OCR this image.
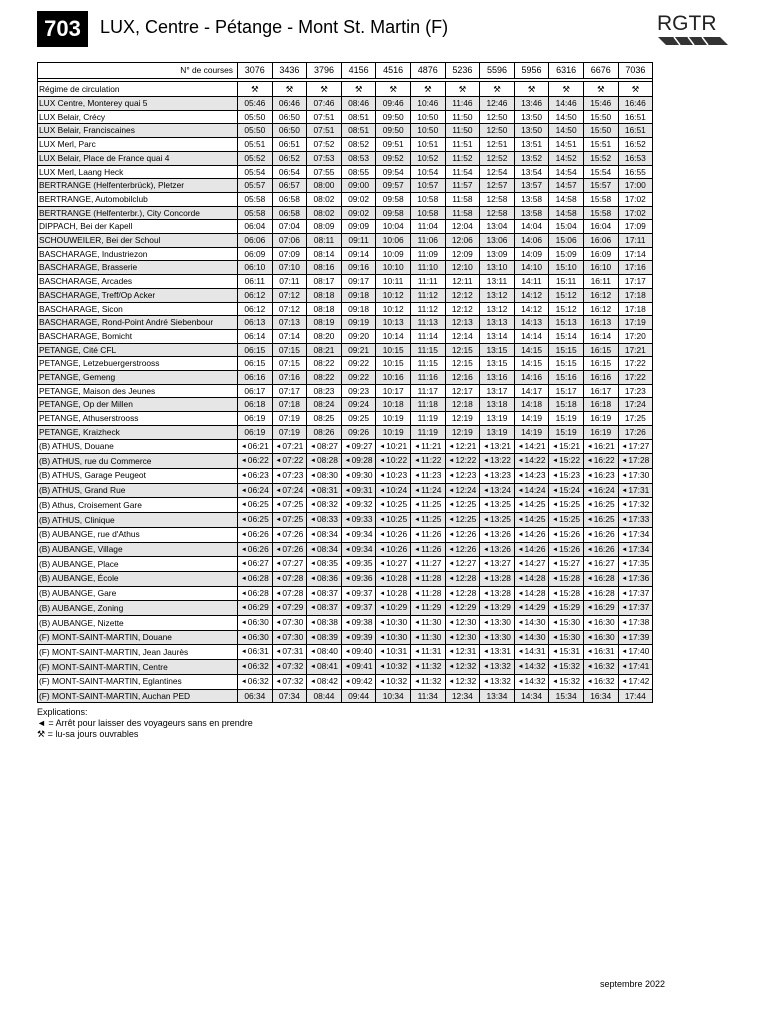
703	LUX, Centre - Pétange - Mont St. Martin (F)	RGTR
N° de courses	3076	3436	3796	4156	4516	4876	5236	5596	5956	6316	6676	7036

Régime de circulation	⚒	⚒	⚒	⚒	⚒	⚒	⚒	⚒	⚒	⚒	⚒	⚒
LUX Centre, Monterey quai 5	05:46	06:46	07:46	08:46	09:46	10:46	11:46	12:46	13:46	14:46	15:46	16:46
LUX Belair, Crécy	05:50	06:50	07:51	08:51	09:50	10:50	11:50	12:50	13:50	14:50	15:50	16:51
LUX Belair, Franciscaines	05:50	06:50	07:51	08:51	09:50	10:50	11:50	12:50	13:50	14:50	15:50	16:51
LUX Merl, Parc	05:51	06:51	07:52	08:52	09:51	10:51	11:51	12:51	13:51	14:51	15:51	16:52
LUX Belair, Place de France quai 4	05:52	06:52	07:53	08:53	09:52	10:52	11:52	12:52	13:52	14:52	15:52	16:53
LUX Merl, Laang Heck	05:54	06:54	07:55	08:55	09:54	10:54	11:54	12:54	13:54	14:54	15:54	16:55
BERTRANGE (Helfenterbrück), Pletzer	05:57	06:57	08:00	09:00	09:57	10:57	11:57	12:57	13:57	14:57	15:57	17:00
BERTRANGE, Automobilclub	05:58	06:58	08:02	09:02	09:58	10:58	11:58	12:58	13:58	14:58	15:58	17:02
BERTRANGE (Helfenterbr.), City Concorde	05:58	06:58	08:02	09:02	09:58	10:58	11:58	12:58	13:58	14:58	15:58	17:02
DIPPACH, Bei der Kapell	06:04	07:04	08:09	09:09	10:04	11:04	12:04	13:04	14:04	15:04	16:04	17:09
SCHOUWEILER, Bei der Schoul	06:06	07:06	08:11	09:11	10:06	11:06	12:06	13:06	14:06	15:06	16:06	17:11
BASCHARAGE, Industriezon	06:09	07:09	08:14	09:14	10:09	11:09	12:09	13:09	14:09	15:09	16:09	17:14
BASCHARAGE, Brasserie	06:10	07:10	08:16	09:16	10:10	11:10	12:10	13:10	14:10	15:10	16:10	17:16
BASCHARAGE, Arcades	06:11	07:11	08:17	09:17	10:11	11:11	12:11	13:11	14:11	15:11	16:11	17:17
BASCHARAGE, Treff/Op Acker	06:12	07:12	08:18	09:18	10:12	11:12	12:12	13:12	14:12	15:12	16:12	17:18
BASCHARAGE, Sicon	06:12	07:12	08:18	09:18	10:12	11:12	12:12	13:12	14:12	15:12	16:12	17:18
BASCHARAGE, Rond-Point André Siebenbour	06:13	07:13	08:19	09:19	10:13	11:13	12:13	13:13	14:13	15:13	16:13	17:19
BASCHARAGE, Bomicht	06:14	07:14	08:20	09:20	10:14	11:14	12:14	13:14	14:14	15:14	16:14	17:20
PETANGE, Cité CFL	06:15	07:15	08:21	09:21	10:15	11:15	12:15	13:15	14:15	15:15	16:15	17:21
PETANGE, Letzebuergerstrooss	06:15	07:15	08:22	09:22	10:15	11:15	12:15	13:15	14:15	15:15	16:15	17:22
PETANGE, Gemeng	06:16	07:16	08:22	09:22	10:16	11:16	12:16	13:16	14:16	15:16	16:16	17:22
PETANGE, Maison des Jeunes	06:17	07:17	08:23	09:23	10:17	11:17	12:17	13:17	14:17	15:17	16:17	17:23
PETANGE, Op der Millen	06:18	07:18	08:24	09:24	10:18	11:18	12:18	13:18	14:18	15:18	16:18	17:24
PETANGE, Athuserstrooss	06:19	07:19	08:25	09:25	10:19	11:19	12:19	13:19	14:19	15:19	16:19	17:25
PETANGE, Kraizheck	06:19	07:19	08:26	09:26	10:19	11:19	12:19	13:19	14:19	15:19	16:19	17:26
(B) ATHUS, Douane	◄06:21	◄07:21	◄08:27	◄09:27	◄10:21	◄11:21	◄12:21	◄13:21	◄14:21	◄15:21	◄16:21	◄17:27
(B) ATHUS, rue du Commerce	◄06:22	◄07:22	◄08:28	◄09:28	◄10:22	◄11:22	◄12:22	◄13:22	◄14:22	◄15:22	◄16:22	◄17:28
(B) ATHUS, Garage Peugeot	◄06:23	◄07:23	◄08:30	◄09:30	◄10:23	◄11:23	◄12:23	◄13:23	◄14:23	◄15:23	◄16:23	◄17:30
(B) ATHUS, Grand Rue	◄06:24	◄07:24	◄08:31	◄09:31	◄10:24	◄11:24	◄12:24	◄13:24	◄14:24	◄15:24	◄16:24	◄17:31
(B) Athus, Croisement Gare	◄06:25	◄07:25	◄08:32	◄09:32	◄10:25	◄11:25	◄12:25	◄13:25	◄14:25	◄15:25	◄16:25	◄17:32
(B) ATHUS, Clinique	◄06:25	◄07:25	◄08:33	◄09:33	◄10:25	◄11:25	◄12:25	◄13:25	◄14:25	◄15:25	◄16:25	◄17:33
(B) AUBANGE, rue d'Athus	◄06:26	◄07:26	◄08:34	◄09:34	◄10:26	◄11:26	◄12:26	◄13:26	◄14:26	◄15:26	◄16:26	◄17:34
(B) AUBANGE, Village	◄06:26	◄07:26	◄08:34	◄09:34	◄10:26	◄11:26	◄12:26	◄13:26	◄14:26	◄15:26	◄16:26	◄17:34
(B) AUBANGE, Place	◄06:27	◄07:27	◄08:35	◄09:35	◄10:27	◄11:27	◄12:27	◄13:27	◄14:27	◄15:27	◄16:27	◄17:35
(B) AUBANGE, École	◄06:28	◄07:28	◄08:36	◄09:36	◄10:28	◄11:28	◄12:28	◄13:28	◄14:28	◄15:28	◄16:28	◄17:36
(B) AUBANGE, Gare	◄06:28	◄07:28	◄08:37	◄09:37	◄10:28	◄11:28	◄12:28	◄13:28	◄14:28	◄15:28	◄16:28	◄17:37
(B) AUBANGE, Zoning	◄06:29	◄07:29	◄08:37	◄09:37	◄10:29	◄11:29	◄12:29	◄13:29	◄14:29	◄15:29	◄16:29	◄17:37
(B) AUBANGE, Nizette	◄06:30	◄07:30	◄08:38	◄09:38	◄10:30	◄11:30	◄12:30	◄13:30	◄14:30	◄15:30	◄16:30	◄17:38
(F) MONT-SAINT-MARTIN, Douane	◄06:30	◄07:30	◄08:39	◄09:39	◄10:30	◄11:30	◄12:30	◄13:30	◄14:30	◄15:30	◄16:30	◄17:39
(F) MONT-SAINT-MARTIN, Jean Jaurès	◄06:31	◄07:31	◄08:40	◄09:40	◄10:31	◄11:31	◄12:31	◄13:31	◄14:31	◄15:31	◄16:31	◄17:40
(F) MONT-SAINT-MARTIN, Centre	◄06:32	◄07:32	◄08:41	◄09:41	◄10:32	◄11:32	◄12:32	◄13:32	◄14:32	◄15:32	◄16:32	◄17:41
(F) MONT-SAINT-MARTIN, Eglantines	◄06:32	◄07:32	◄08:42	◄09:42	◄10:32	◄11:32	◄12:32	◄13:32	◄14:32	◄15:32	◄16:32	◄17:42
(F) MONT-SAINT-MARTIN, Auchan PED	06:34	07:34	08:44	09:44	10:34	11:34	12:34	13:34	14:34	15:34	16:34	17:44
Explications:
◄ = Arrêt pour laisser des voyageurs sans en prendre
⚒ = lu-sa jours ouvrables
septembre 2022
